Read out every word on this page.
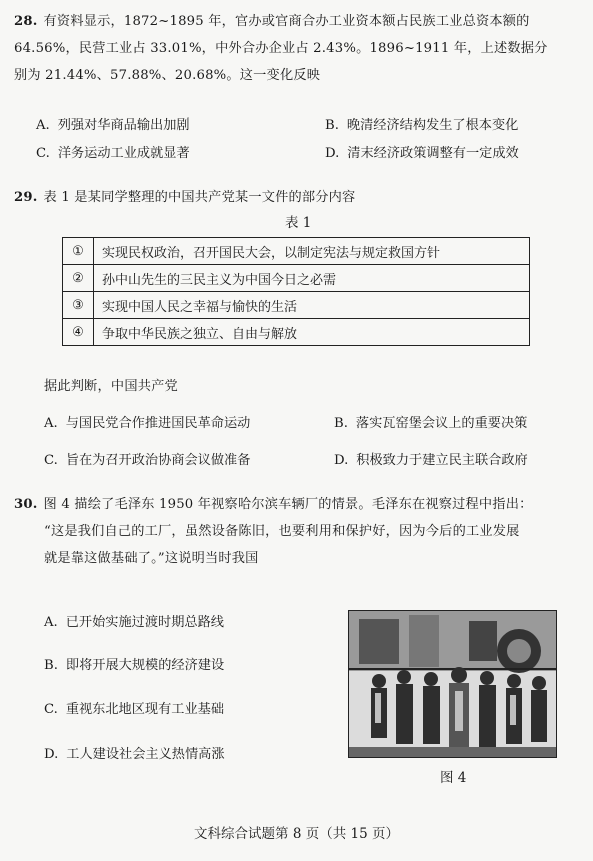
28. 有资料显示，1872~1895 年，官办或官商合办工业资本额占民族工业总资本额的
64.56%，民营工业占 33.01%，中外合办企业占 2.43%。1896~1911 年，上述数据分
别为 21.44%、57.88%、20.68%。这一变化反映
A. 列强对华商品输出加剧	B. 晚清经济结构发生了根本变化
C. 洋务运动工业成就显著	D. 清末经济政策调整有一定成效
29. 表 1 是某同学整理的中国共产党某一文件的部分内容
表 1
①	实现民权政治，召开国民大会，以制定宪法与规定救国方针
②	孙中山先生的三民主义为中国今日之必需
③	实现中国人民之幸福与愉快的生活
④	争取中华民族之独立、自由与解放
据此判断，中国共产党
A. 与国民党合作推进国民革命运动	B. 落实瓦窑堡会议上的重要决策
C. 旨在为召开政治协商会议做准备	D. 积极致力于建立民主联合政府
30. 图 4 描绘了毛泽东 1950 年视察哈尔滨车辆厂的情景。毛泽东在视察过程中指出：
“这是我们自己的工厂，虽然设备陈旧，也要利用和保护好，因为今后的工业发展
就是靠这做基础了。”这说明当时我国
A. 已开始实施过渡时期总路线
B. 即将开展大规模的经济建设
C. 重视东北地区现有工业基础
D. 工人建设社会主义热情高涨
图 4
文科综合试题第 8 页（共 15 页）
